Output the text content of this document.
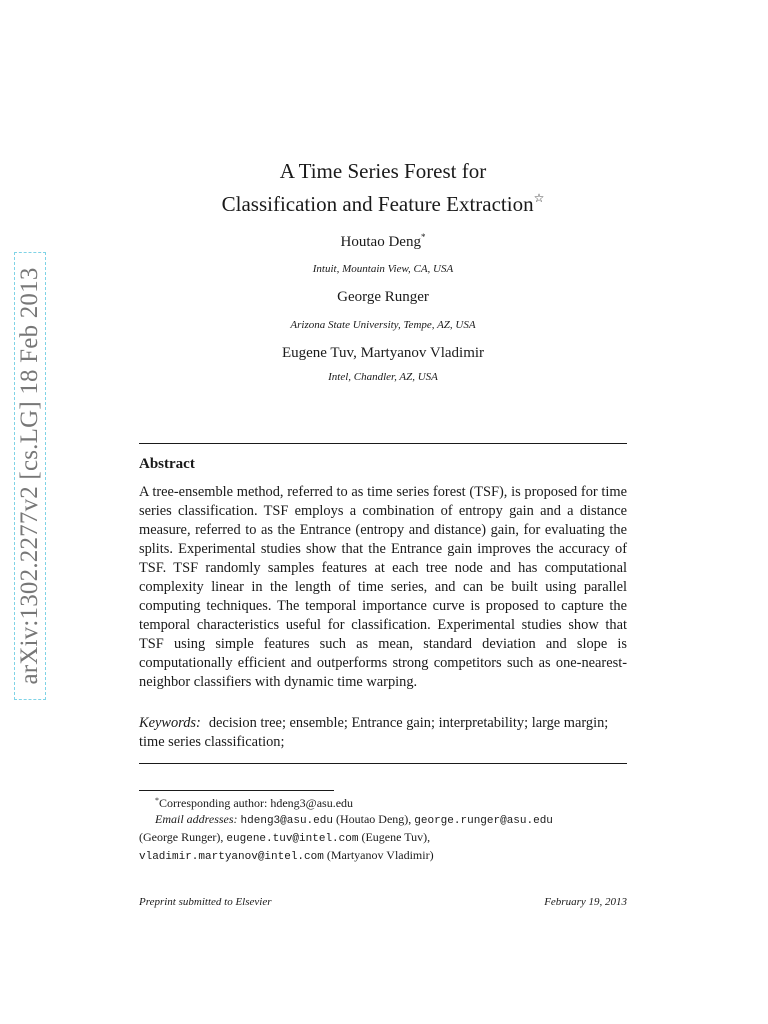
arXiv:1302.2277v2 [cs.LG] 18 Feb 2013
A Time Series Forest for
Classification and Feature Extraction☆
Houtao Deng*
Intuit, Mountain View, CA, USA
George Runger
Arizona State University, Tempe, AZ, USA
Eugene Tuv, Martyanov Vladimir
Intel, Chandler, AZ, USA
Abstract
A tree-ensemble method, referred to as time series forest (TSF), is proposed for time series classification. TSF employs a combination of entropy gain and a distance measure, referred to as the Entrance (entropy and distance) gain, for evaluating the splits. Experimental studies show that the Entrance gain improves the accuracy of TSF. TSF randomly samples features at each tree node and has computational complexity linear in the length of time series, and can be built using parallel computing techniques. The temporal importance curve is proposed to capture the temporal characteristics useful for classification. Experimental studies show that TSF using simple features such as mean, standard deviation and slope is computationally efficient and outperforms strong competitors such as one-nearest-neighbor classifiers with dynamic time warping.
Keywords: decision tree; ensemble; Entrance gain; interpretability; large margin; time series classification;
*Corresponding author: hdeng3@asu.edu
Email addresses: hdeng3@asu.edu (Houtao Deng), george.runger@asu.edu
(George Runger), eugene.tuv@intel.com (Eugene Tuv),
vladimir.martyanov@intel.com (Martyanov Vladimir)
Preprint submitted to Elsevier	February 19, 2013
